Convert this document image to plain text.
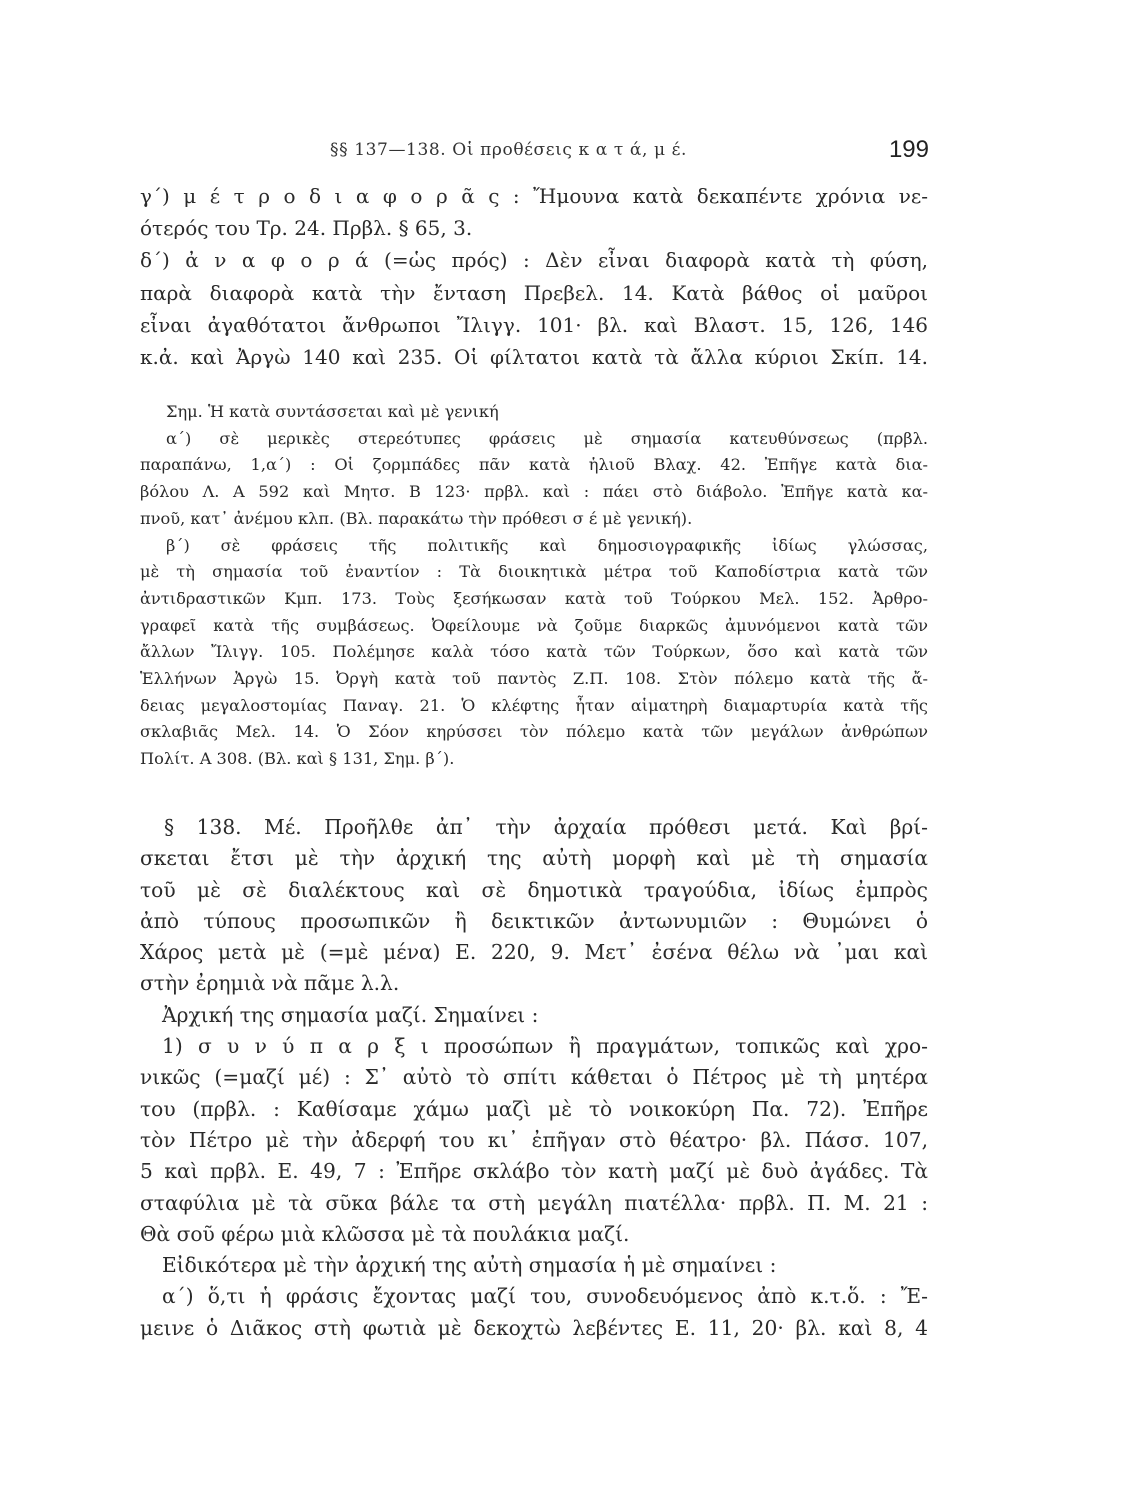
§§ 137—138. Οἱ προθέσεις κ α τ ά, μ έ.	199
γ΄) μ έ τ ρ ο δ ι α φ ο ρ ᾶ ς : Ἤμουνα κατὰ δεκαπέντε χρόνια νε-
ότερός του Τρ. 24. Πρβλ. § 65, 3.
δ΄) ἀ ν α φ ο ρ ά (=ὡς πρός) : Δὲν εἶναι διαφορὰ κατὰ τὴ φύση,
παρὰ διαφορὰ κατὰ τὴν ἔνταση Πρεβελ. 14. Κατὰ βάθος οἱ μαῦροι
εἶναι ἀγαθότατοι ἄνθρωποι Ἴλιγγ. 101· βλ. καὶ Βλαστ. 15, 126, 146
κ.ἀ. καὶ Ἀργὼ 140 καὶ 235. Οἱ φίλτατοι κατὰ τὰ ἄλλα κύριοι Σκίπ. 14.
Σημ. Ἡ κατὰ συντάσσεται καὶ μὲ γενική
α΄) σὲ μερικὲς στερεότυπες φράσεις μὲ σημασία κατευθύνσεως (πρβλ.
παραπάνω, 1,α΄) : Οἱ ζορμπάδες πᾶν κατὰ ἡλιοῦ Βλαχ. 42. Ἐπῆγε κατὰ δια-
βόλου Λ. Α 592 καὶ Μητσ. Β 123· πρβλ. καὶ : πάει στὸ διάβολο. Ἐπῆγε κατὰ κα-
πνοῦ, κατ᾿ ἀνέμου κλπ. (Βλ. παρακάτω τὴν πρόθεσι σ έ μὲ γενική).
β΄) σὲ φράσεις τῆς πολιτικῆς καὶ δημοσιογραφικῆς ἰδίως γλώσσας,
μὲ τὴ σημασία τοῦ ἐναντίον : Τὰ διοικητικὰ μέτρα τοῦ Καποδίστρια κατὰ τῶν
ἀντιδραστικῶν Κμπ. 173. Τοὺς ξεσήκωσαν κατὰ τοῦ Τούρκου Μελ. 152. Ἀρθρο-
γραφεῖ κατὰ τῆς συμβάσεως. Ὀφείλουμε νὰ ζοῦμε διαρκῶς ἀμυνόμενοι κατὰ τῶν
ἄλλων Ἴλιγγ. 105. Πολέμησε καλὰ τόσο κατὰ τῶν Τούρκων, ὅσο καὶ κατὰ τῶν
Ἑλλήνων Ἀργὼ 15. Ὀργὴ κατὰ τοῦ παντὸς Ζ.Π. 108. Στὸν πόλεμο κατὰ τῆς ἄ-
δειας μεγαλοστομίας Παναγ. 21. Ὁ κλέφτης ἦταν αἱματηρὴ διαμαρτυρία κατὰ τῆς
σκλαβιᾶς Μελ. 14. Ὁ Σόον κηρύσσει τὸν πόλεμο κατὰ τῶν μεγάλων ἀνθρώπων
Πολίτ. Α 308. (Βλ. καὶ § 131, Σημ. β΄).
§ 138. Μέ. Προῆλθε ἀπ᾿ τὴν ἀρχαία πρόθεσι μετά. Καὶ βρί-
σκεται ἔτσι μὲ τὴν ἀρχική της αὐτὴ μορφὴ καὶ μὲ τὴ σημασία
τοῦ μὲ σὲ διαλέκτους καὶ σὲ δημοτικὰ τραγούδια, ἰδίως ἐμπρὸς
ἀπὸ τύπους προσωπικῶν ἢ δεικτικῶν ἀντωνυμιῶν : Θυμώνει ὁ
Χάρος μετὰ μὲ (=μὲ μένα) Ε. 220, 9. Μετ᾿ ἐσένα θέλω νὰ ᾿μαι καὶ
στὴν ἐρημιὰ νὰ πᾶμε λ.λ.
Ἀρχική της σημασία μαζί. Σημαίνει :
1) σ υ ν ύ π α ρ ξ ι προσώπων ἢ πραγμάτων, τοπικῶς καὶ χρο-
νικῶς (=μαζί μέ) : Σ᾿ αὐτὸ τὸ σπίτι κάθεται ὁ Πέτρος μὲ τὴ μητέρα
του (πρβλ. : Καθίσαμε χάμω μαζὶ μὲ τὸ νοικοκύρη Πα. 72). Ἐπῆρε
τὸν Πέτρο μὲ τὴν ἀδερφή του κι᾿ ἐπῆγαν στὸ θέατρο· βλ. Πάσσ. 107,
5 καὶ πρβλ. Ε. 49, 7 : Ἐπῆρε σκλάβο τὸν κατὴ μαζί μὲ δυὸ ἀγάδες. Τὰ
σταφύλια μὲ τὰ σῦκα βάλε τα στὴ μεγάλη πιατέλλα· πρβλ. Π. Μ. 21 :
Θὰ σοῦ φέρω μιὰ κλῶσσα μὲ τὰ πουλάκια μαζί.
Εἰδικότερα μὲ τὴν ἀρχική της αὐτὴ σημασία ἡ μὲ σημαίνει :
α΄) ὅ,τι ἡ φράσις ἔχοντας μαζί του, συνοδευόμενος ἀπὸ κ.τ.ὅ. : Ἔ-
μεινε ὁ Διᾶκος στὴ φωτιὰ μὲ δεκοχτὼ λεβέντες Ε. 11, 20· βλ. καὶ 8, 4
